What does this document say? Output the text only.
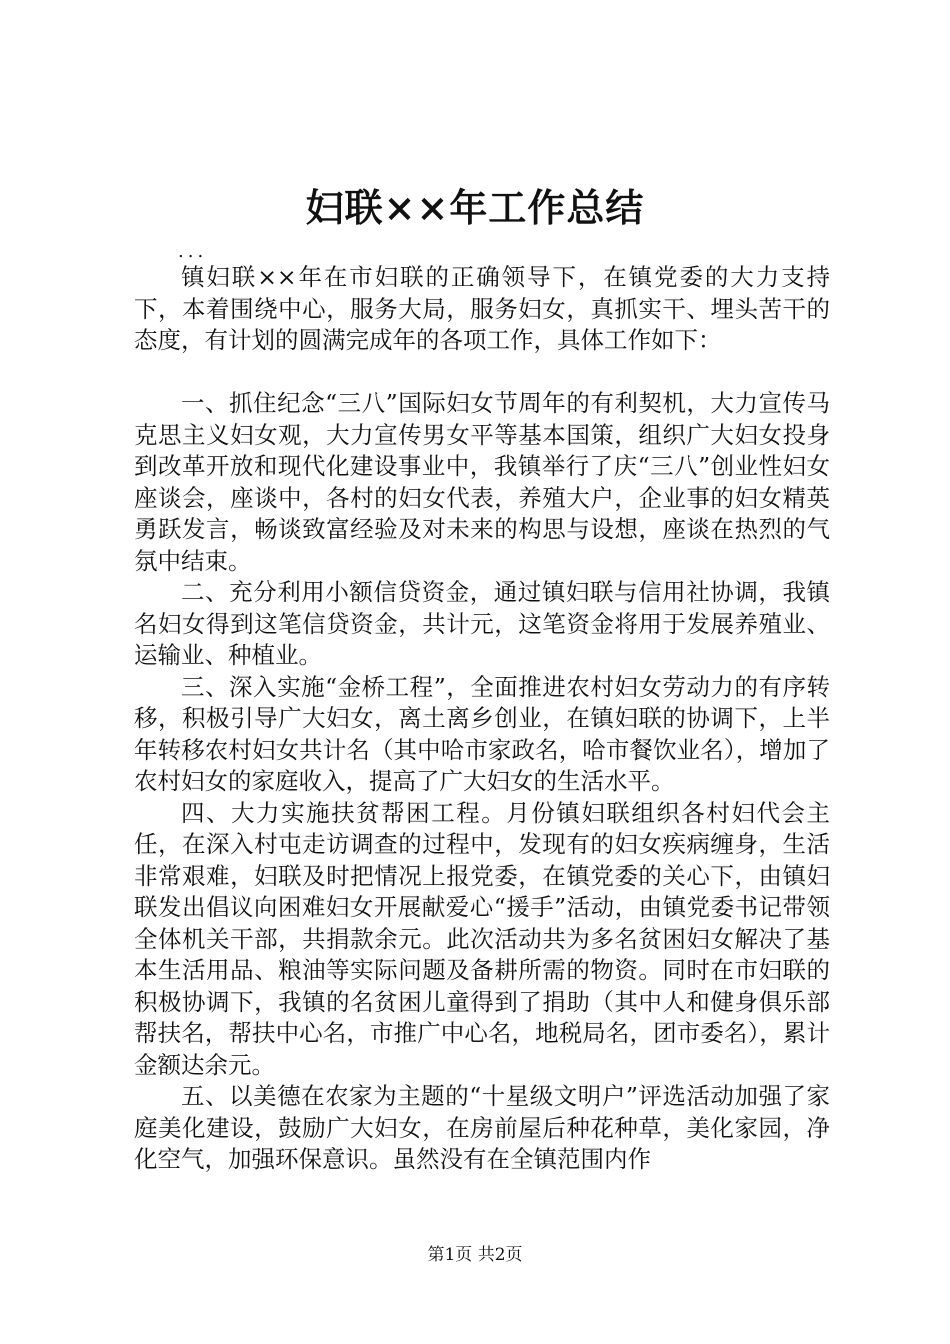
妇联××年工作总结
...

镇妇联××年在市妇联的正确领导下，在镇党委的大力支持下，本着围绕中心，服务大局，服务妇女，真抓实干、埋头苦干的态度，有计划的圆满完成年的各项工作，具体工作如下：

一、抓住纪念“三八”国际妇女节周年的有利契机，大力宣传马克思主义妇女观，大力宣传男女平等基本国策，组织广大妇女投身到改革开放和现代化建设事业中，我镇举行了庆“三八”创业性妇女座谈会，座谈中，各村的妇女代表，养殖大户，企业事的妇女精英勇跃发言，畅谈致富经验及对未来的构思与设想，座谈在热烈的气氛中结束。

二、充分利用小额信贷资金，通过镇妇联与信用社协调，我镇名妇女得到这笔信贷资金，共计元，这笔资金将用于发展养殖业、运输业、种植业。

三、深入实施“金桥工程”，全面推进农村妇女劳动力的有序转移，积极引导广大妇女，离土离乡创业，在镇妇联的协调下，上半年转移农村妇女共计名（其中哈市家政名，哈市餐饮业名），增加了农村妇女的家庭收入，提高了广大妇女的生活水平。

四、大力实施扶贫帮困工程。月份镇妇联组织各村妇代会主任，在深入村屯走访调查的过程中，发现有的妇女疾病缠身，生活非常艰难，妇联及时把情况上报党委，在镇党委的关心下，由镇妇联发出倡议向困难妇女开展献爱心“援手”活动，由镇党委书记带领全体机关干部，共捐款余元。此次活动共为多名贫困妇女解决了基本生活用品、粮油等实际问题及备耕所需的物资。同时在市妇联的积极协调下，我镇的名贫困儿童得到了捐助（其中人和健身俱乐部帮扶名，帮扶中心名，市推广中心名，地税局名，团市委名），累计金额达余元。

五、以美德在农家为主题的“十星级文明户”评选活动加强了家庭美化建设，鼓励广大妇女，在房前屋后种花种草，美化家园，净化空气，加强环保意识。虽然没有在全镇范围内作

第1页 共2页
